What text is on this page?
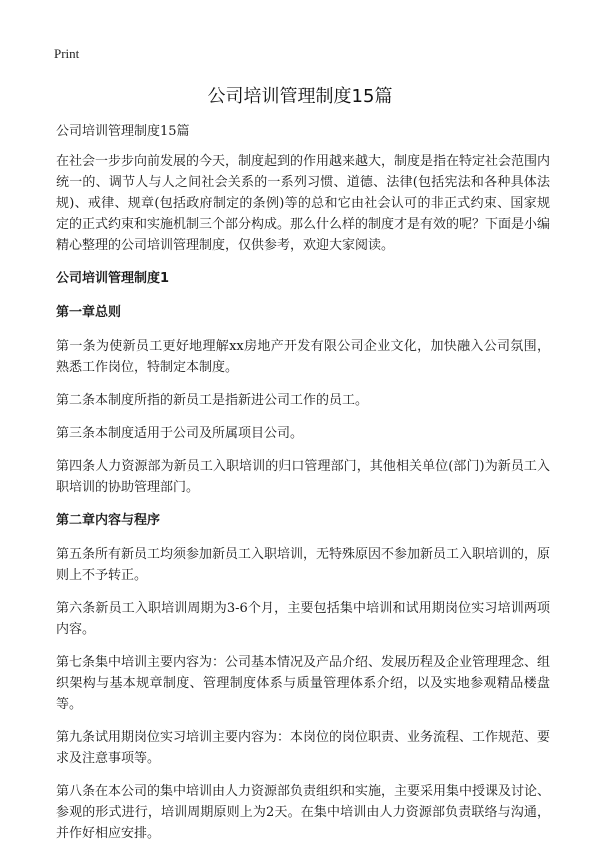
Print
公司培训管理制度15篇

公司培训管理制度15篇

在社会一步步向前发展的今天，制度起到的作用越来越大，制度是指在特定社会范围内统一的、调节人与人之间社会关系的一系列习惯、道德、法律(包括宪法和各种具体法规)、戒律、规章(包括政府制定的条例)等的总和它由社会认可的非正式约束、国家规定的正式约束和实施机制三个部分构成。那么什么样的制度才是有效的呢？下面是小编精心整理的公司培训管理制度，仅供参考，欢迎大家阅读。

公司培训管理制度1

第一章总则

第一条为使新员工更好地理解xx房地产开发有限公司企业文化，加快融入公司氛围，熟悉工作岗位，特制定本制度。

第二条本制度所指的新员工是指新进公司工作的员工。

第三条本制度适用于公司及所属项目公司。

第四条人力资源部为新员工入职培训的归口管理部门，其他相关单位(部门)为新员工入职培训的协助管理部门。

第二章内容与程序

第五条所有新员工均须参加新员工入职培训，无特殊原因不参加新员工入职培训的，原则上不予转正。

第六条新员工入职培训周期为3-6个月，主要包括集中培训和试用期岗位实习培训两项内容。

第七条集中培训主要内容为：公司基本情况及产品介绍、发展历程及企业管理理念、组织架构与基本规章制度、管理制度体系与质量管理体系介绍，以及实地参观精品楼盘等。

第九条试用期岗位实习培训主要内容为：本岗位的岗位职责、业务流程、工作规范、要求及注意事项等。

第八条在本公司的集中培训由人力资源部负责组织和实施，主要采用集中授课及讨论、参观的形式进行，培训周期原则上为2天。在集中培训由人力资源部负责联络与沟通，并作好相应安排。
